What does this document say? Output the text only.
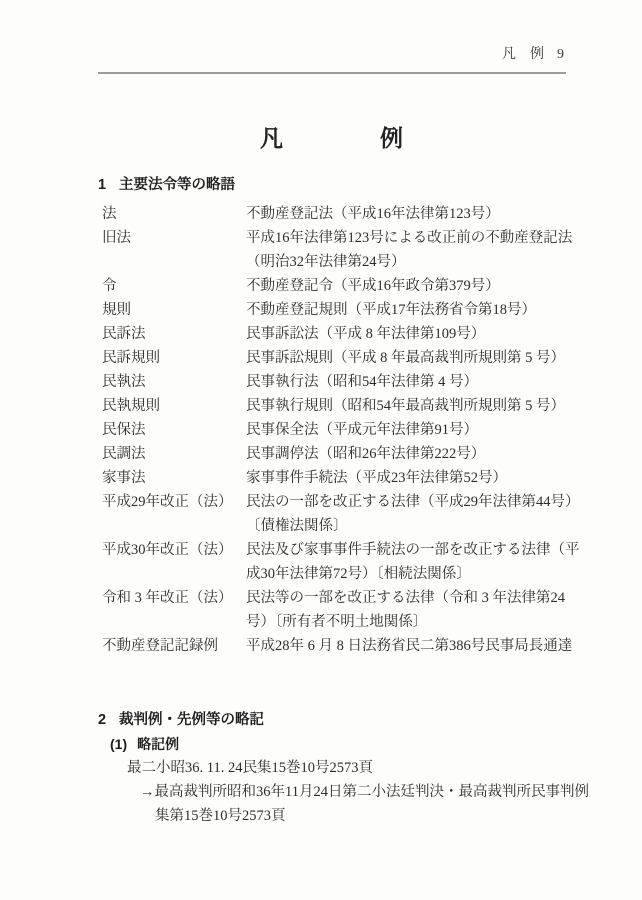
凡　例 9
凡　　　　例
1 主要法令等の略語
法	不動産登記法（平成16年法律第123号）
旧法	平成16年法律第123号による改正前の不動産登記法
（明治32年法律第24号）
令	不動産登記令（平成16年政令第379号）
規則	不動産登記規則（平成17年法務省令第18号）
民訴法	民事訴訟法（平成 8 年法律第109号）
民訴規則	民事訴訟規則（平成 8 年最高裁判所規則第 5 号）
民執法	民事執行法（昭和54年法律第 4 号）
民執規則	民事執行規則（昭和54年最高裁判所規則第 5 号）
民保法	民事保全法（平成元年法律第91号）
民調法	民事調停法（昭和26年法律第222号）
家事法	家事事件手続法（平成23年法律第52号）
平成29年改正（法） 民法の一部を改正する法律（平成29年法律第44号）
〔債権法関係〕
平成30年改正（法） 民法及び家事事件手続法の一部を改正する法律（平
成30年法律第72号）〔相続法関係〕
令和 3 年改正（法） 民法等の一部を改正する法律（令和 3 年法律第24
号）〔所有者不明土地関係〕
不動産登記記録例	平成28年 6 月 8 日法務省民二第386号民事局長通達
2 裁判例・先例等の略記
(1) 略記例
最二小昭36. 11. 24民集15巻10号2573頁
→最高裁判所昭和36年11月24日第二小法廷判決・最高裁判所民事判例
集第15巻10号2573頁
